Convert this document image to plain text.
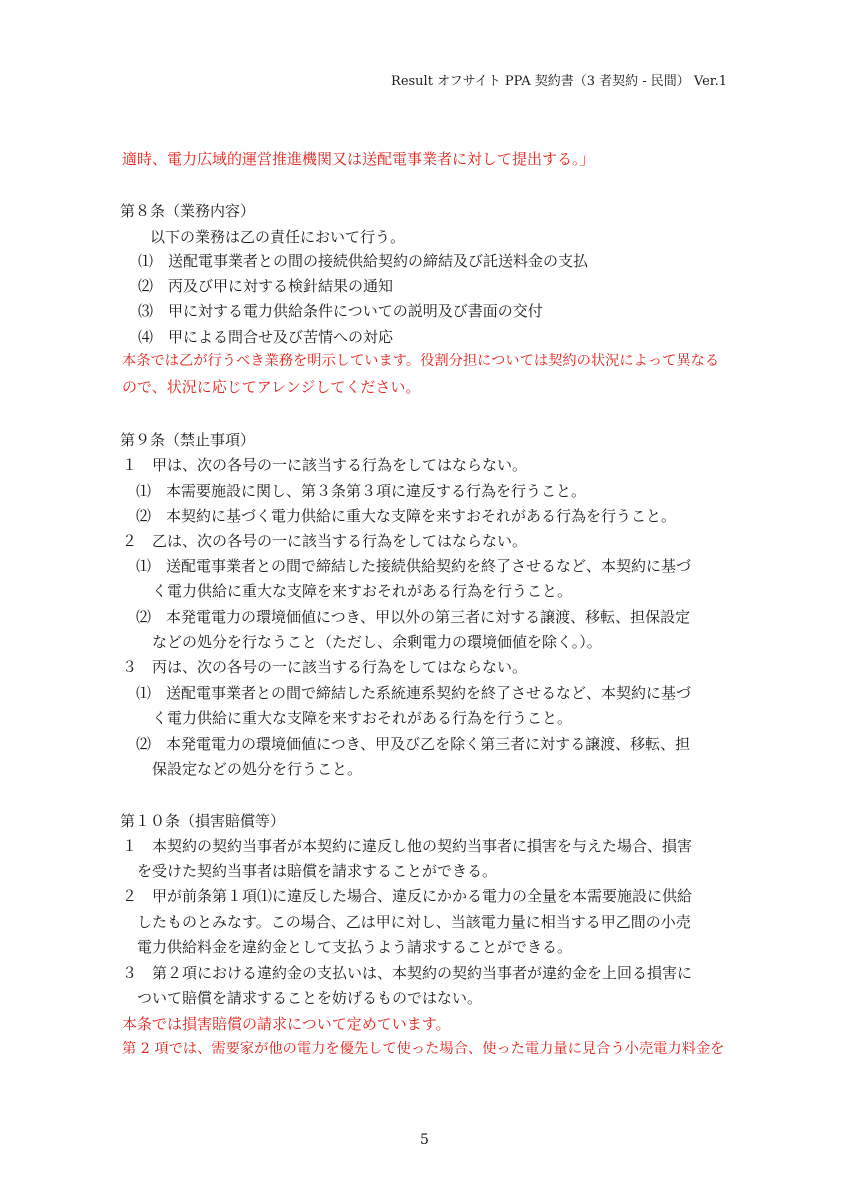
Result オフサイト PPA 契約書（3 者契約 - 民間） Ver.1
適時、電力広域的運営推進機関又は送配電事業者に対して提出する。」
第８条（業務内容）
以下の業務は乙の責任において行う。
⑴　送配電事業者との間の接続供給契約の締結及び託送料金の支払
⑵　丙及び甲に対する検針結果の通知
⑶　甲に対する電力供給条件についての説明及び書面の交付
⑷　甲による問合せ及び苦情への対応
本条では乙が行うべき業務を明示しています。役割分担については契約の状況によって異なる
ので、状況に応じてアレンジしてください。
第９条（禁止事項）
１　甲は、次の各号の一に該当する行為をしてはならない。
⑴　本需要施設に関し、第３条第３項に違反する行為を行うこと。
⑵　本契約に基づく電力供給に重大な支障を来すおそれがある行為を行うこと。
２　乙は、次の各号の一に該当する行為をしてはならない。
⑴　送配電事業者との間で締結した接続供給契約を終了させるなど、本契約に基づ
く電力供給に重大な支障を来すおそれがある行為を行うこと。
⑵　本発電電力の環境価値につき、甲以外の第三者に対する譲渡、移転、担保設定
などの処分を行なうこと（ただし、余剰電力の環境価値を除く。）。
３　丙は、次の各号の一に該当する行為をしてはならない。
⑴　送配電事業者との間で締結した系統連系契約を終了させるなど、本契約に基づ
く電力供給に重大な支障を来すおそれがある行為を行うこと。
⑵　本発電電力の環境価値につき、甲及び乙を除く第三者に対する譲渡、移転、担
保設定などの処分を行うこと。
第１０条（損害賠償等）
１　本契約の契約当事者が本契約に違反し他の契約当事者に損害を与えた場合、損害
を受けた契約当事者は賠償を請求することができる。
２　甲が前条第１項⑴に違反した場合、違反にかかる電力の全量を本需要施設に供給
したものとみなす。この場合、乙は甲に対し、当該電力量に相当する甲乙間の小売
電力供給料金を違約金として支払うよう請求することができる。
３　第２項における違約金の支払いは、本契約の契約当事者が違約金を上回る損害に
ついて賠償を請求することを妨げるものではない。
本条では損害賠償の請求について定めています。
第 2 項では、需要家が他の電力を優先して使った場合、使った電力量に見合う小売電力料金を
5
